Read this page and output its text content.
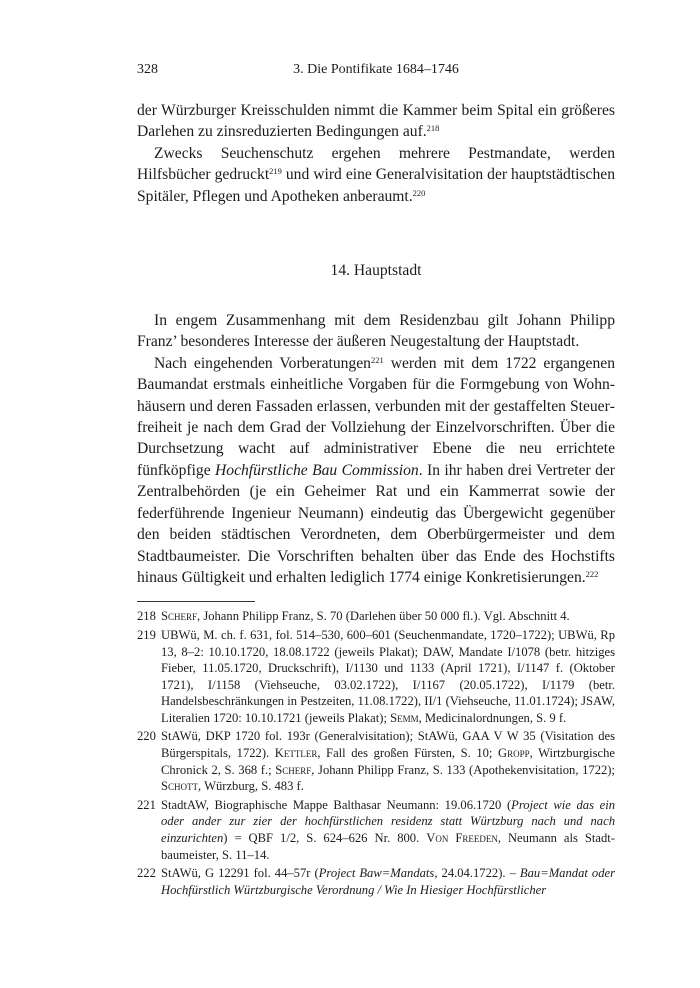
328	3. Die Pontifikate 1684–1746

der Würzburger Kreisschulden nimmt die Kammer beim Spital ein größeres Darlehen zu zinsreduzierten Bedingungen auf.$^{218}$

Zwecks Seuchenschutz ergehen mehrere Pestmandate, werden Hilfsbücher gedruckt$^{219}$ und wird eine Generalvisitation der hauptstädtischen Spitäler, Pflegen und Apotheken anberaumt.$^{220}$

14. Hauptstadt

In engem Zusammenhang mit dem Residenzbau gilt Johann Philipp Franz’ besonderes Interesse der äußeren Neugestaltung der Hauptstadt.

Nach eingehenden Vorberatungen$^{221}$ werden mit dem 1722 ergangenen Baumandat erstmals einheitliche Vorgaben für die Formgebung von Wohnhäusern und deren Fassaden erlassen, verbunden mit der gestaffelten Steuerfreiheit je nach dem Grad der Vollziehung der Einzelvorschriften. Über die Durchsetzung wacht auf administrativer Ebene die neu errichtete fünfköpfige Hochfürstliche Bau Commission. In ihr haben drei Vertreter der Zentralbehörden (je ein Geheimer Rat und ein Kammerrat sowie der federführende Ingenieur Neumann) eindeutig das Übergewicht gegenüber den beiden städtischen Verordneten, dem Oberbürgermeister und dem Stadtbaumeister. Die Vorschriften behalten über das Ende des Hochstifts hinaus Gültigkeit und erhalten lediglich 1774 einige Konkretisierungen.$^{222}$

218 Scherf, Johann Philipp Franz, S. 70 (Darlehen über 50 000 fl.). Vgl. Abschnitt 4.
219 UBWü, M. ch. f. 631, fol. 514–530, 600–601 (Seuchenmandate, 1720–1722); UBWü, Rp 13, 8–2: 10.10.1720, 18.08.1722 (jeweils Plakat); DAW, Mandate I/1078 (betr. hitziges Fieber, 11.05.1720, Druckschrift), I/1130 und 1133 (April 1721), I/1147 f. (Oktober 1721), I/1158 (Viehseuche, 03.02.1722), I/1167 (20.05.1722), I/1179 (betr. Handelsbeschränkungen in Pestzeiten, 11.08.1722), II/1 (Viehseuche, 11.01.1724); JSAW, Literalien 1720: 10.10.1721 (jeweils Plakat); Semm, Medicinalordnungen, S. 9 f.
220 StAWü, DKP 1720 fol. 193r (Generalvisitation); StAWü, GAA V W 35 (Visitation des Bürgerspitals, 1722). Kettler, Fall des großen Fürsten, S. 10; Gropp, Wirtzburgische Chronick 2, S. 368 f.; Scherf, Johann Philipp Franz, S. 133 (Apothekenvisitation, 1722); Schott, Würzburg, S. 483 f.
221 StadtAW, Biographische Mappe Balthasar Neumann: 19.06.1720 (Project wie das ein oder ander zur zier der hochfürstlichen residenz statt Würtzburg nach und nach einzurichten) = QBF 1/2, S. 624–626 Nr. 800. Von Freeden, Neumann als Stadtbaumeister, S. 11–14.
222 StAWü, G 12291 fol. 44–57r (Project Baw=Mandats, 24.04.1722). – Bau=Mandat oder Hochfürstlich Würtzburgische Verordnung / Wie In Hiesiger Hochfürstlicher
